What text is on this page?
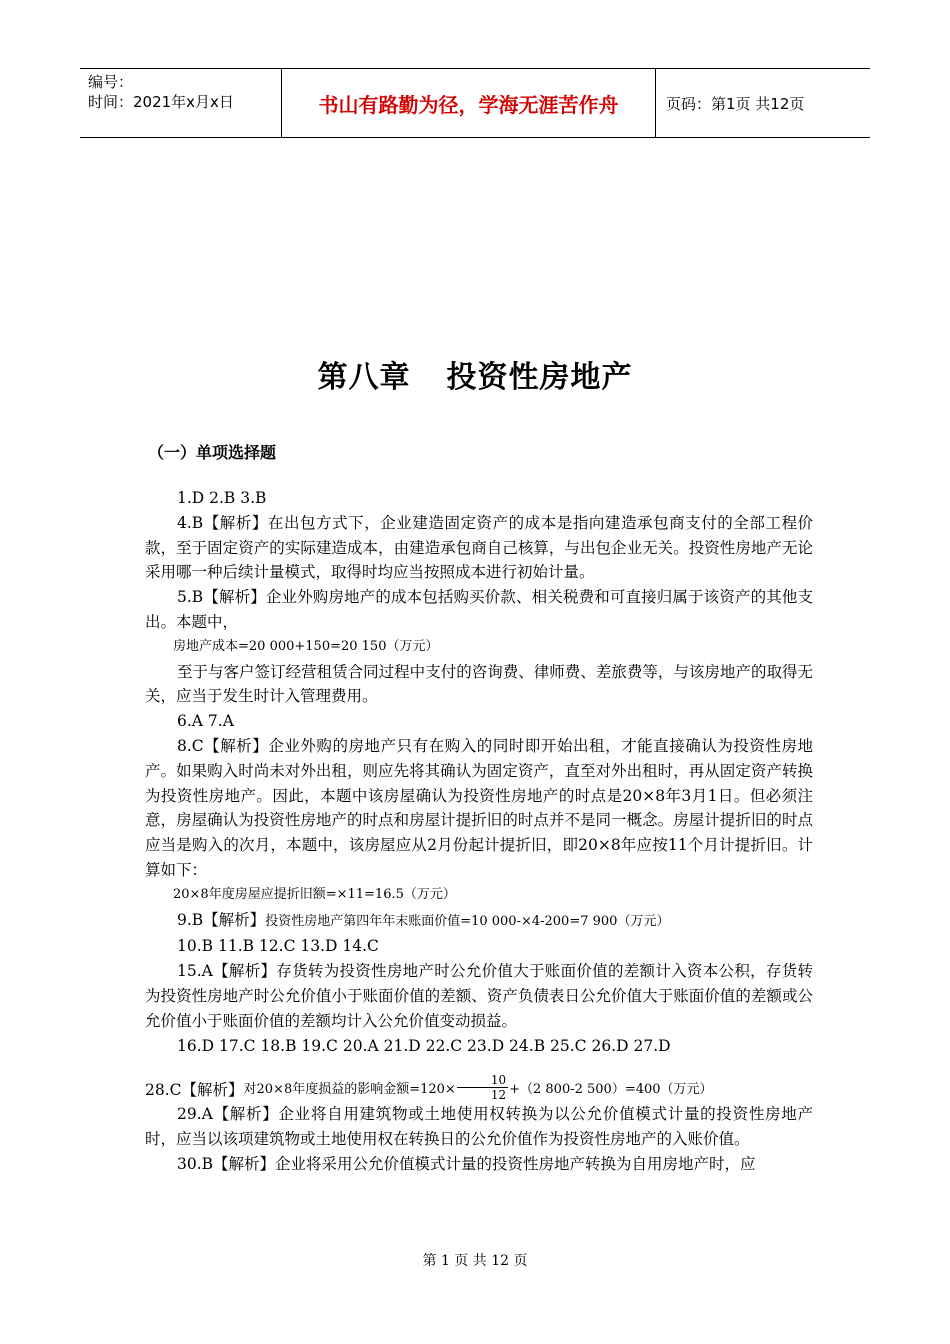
编号：
时间：2021年x月x日	书山有路勤为径，学海无涯苦作舟	页码：第1页 共12页
第八章 投资性房地产
（一）单项选择题

1.D 2.B 3.B

4.B【解析】在出包方式下，企业建造固定资产的成本是指向建造承包商支付的全部工程价款，至于固定资产的实际建造成本，由建造承包商自己核算，与出包企业无关。投资性房地产无论采用哪一种后续计量模式，取得时均应当按照成本进行初始计量。

5.B【解析】企业外购房地产的成本包括购买价款、相关税费和可直接归属于该资产的其他支出。本题中，

房地产成本=20 000+150=20 150（万元）

至于与客户签订经营租赁合同过程中支付的咨询费、律师费、差旅费等，与该房地产的取得无关，应当于发生时计入管理费用。

6.A 7.A

8.C【解析】企业外购的房地产只有在购入的同时即开始出租，才能直接确认为投资性房地产。如果购入时尚未对外出租，则应先将其确认为固定资产，直至对外出租时，再从固定资产转换为投资性房地产。因此，本题中该房屋确认为投资性房地产的时点是20×8年3月1日。但必须注意，房屋确认为投资性房地产的时点和房屋计提折旧的时点并不是同一概念。房屋计提折旧的时点应当是购入的次月，本题中，该房屋应从2月份起计提折旧，即20×8年应按11个月计提折旧。计算如下：

20×8年度房屋应提折旧额=×11=16.5（万元）

9.B【解析】投资性房地产第四年年末账面价值=10 000-×4-200=7 900（万元）

10.B 11.B 12.C 13.D 14.C

15.A【解析】存货转为投资性房地产时公允价值大于账面价值的差额计入资本公积，存货转为投资性房地产时公允价值小于账面价值的差额、资产负债表日公允价值大于账面价值的差额或公允价值小于账面价值的差额均计入公允价值变动损益。

16.D 17.C 18.B 19.C 20.A 21.D 22.C 23.D 24.B 25.C 26.D 27.D

28.C【解析】 对20×8年度损益的影响金额$=120\times \frac{10}{12} +(2$ 800-2 500）=400（万元）

29.A【解析】企业将自用建筑物或土地使用权转换为以公允价值模式计量的投资性房地产时，应当以该项建筑物或土地使用权在转换日的公允价值作为投资性房地产的入账价值。

30.B【解析】企业将采用公允价值模式计量的投资性房地产转换为自用房地产时，应

第 1 页 共 12 页
